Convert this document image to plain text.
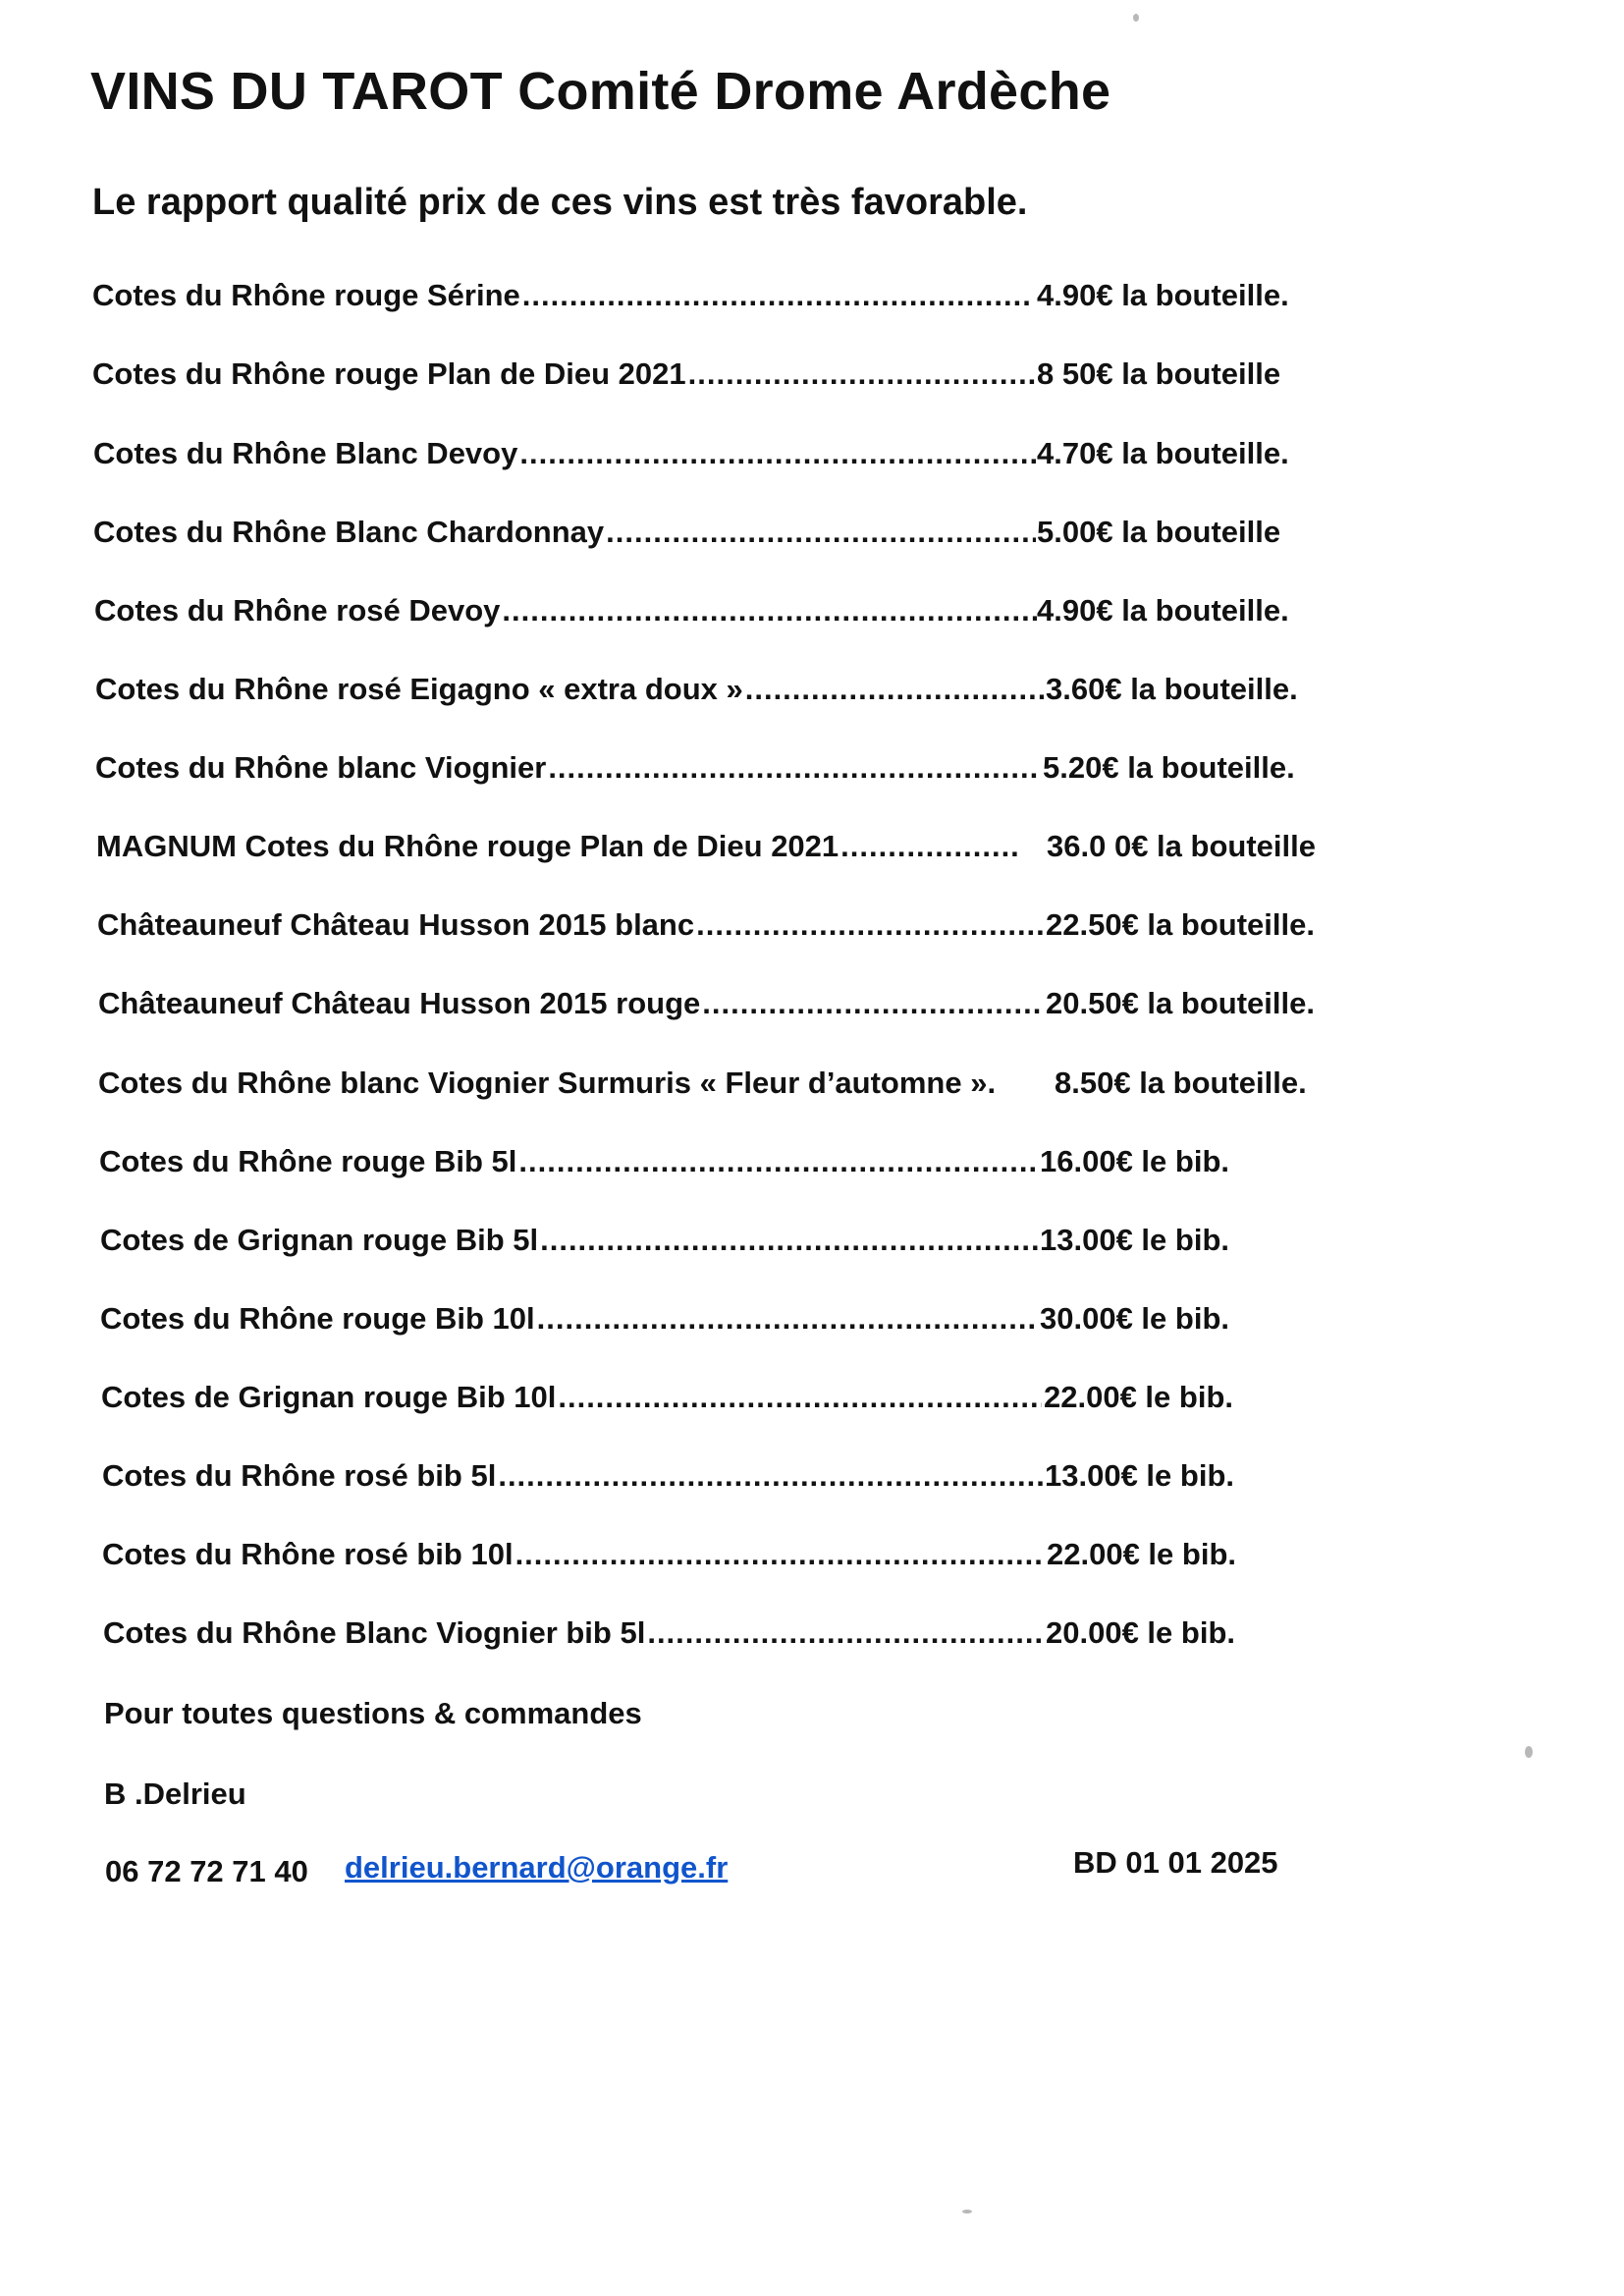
VINS DU TAROT Comité Drome Ardèche
Le rapport qualité prix de ces vins est très favorable.
Cotes du Rhône rouge Sérine .....	4.90€ la bouteille.
Cotes du Rhône rouge Plan de Dieu 2021 .....	8 50€ la bouteille
Cotes du Rhône Blanc Devoy .....	4.70€ la bouteille.
Cotes du Rhône Blanc Chardonnay .....	5.00€ la bouteille
Cotes du Rhône rosé Devoy .....	4.90€ la bouteille.
Cotes du Rhône rosé Eigagno « extra doux » .....	3.60€ la bouteille.
Cotes du Rhône blanc Viognier .....	5.20€ la bouteille.
MAGNUM Cotes du Rhône rouge Plan de Dieu 2021 .....	36.0 0€ la bouteille
Châteauneuf Château Husson 2015 blanc .....	22.50€ la bouteille.
Châteauneuf Château Husson 2015 rouge .....	20.50€ la bouteille.
Cotes du Rhône blanc Viognier Surmuris « Fleur d’automne ». 8.50€ la bouteille.
Cotes du Rhône rouge Bib 5l .....	16.00€ le bib.
Cotes de Grignan rouge Bib 5l .....	13.00€ le bib.
Cotes du Rhône rouge Bib 10l .....	30.00€ le bib.
Cotes de Grignan rouge Bib 10l .....	22.00€ le bib.
Cotes du Rhône rosé bib 5l .....	13.00€ le bib.
Cotes du Rhône rosé bib 10l .....	22.00€ le bib.
Cotes du Rhône Blanc Viognier bib 5l .....	20.00€ le bib.

Pour toutes questions & commandes

B .Delrieu

06 72 72 71 40 delrieu.bernard@orange.fr	BD 01 01 2025
